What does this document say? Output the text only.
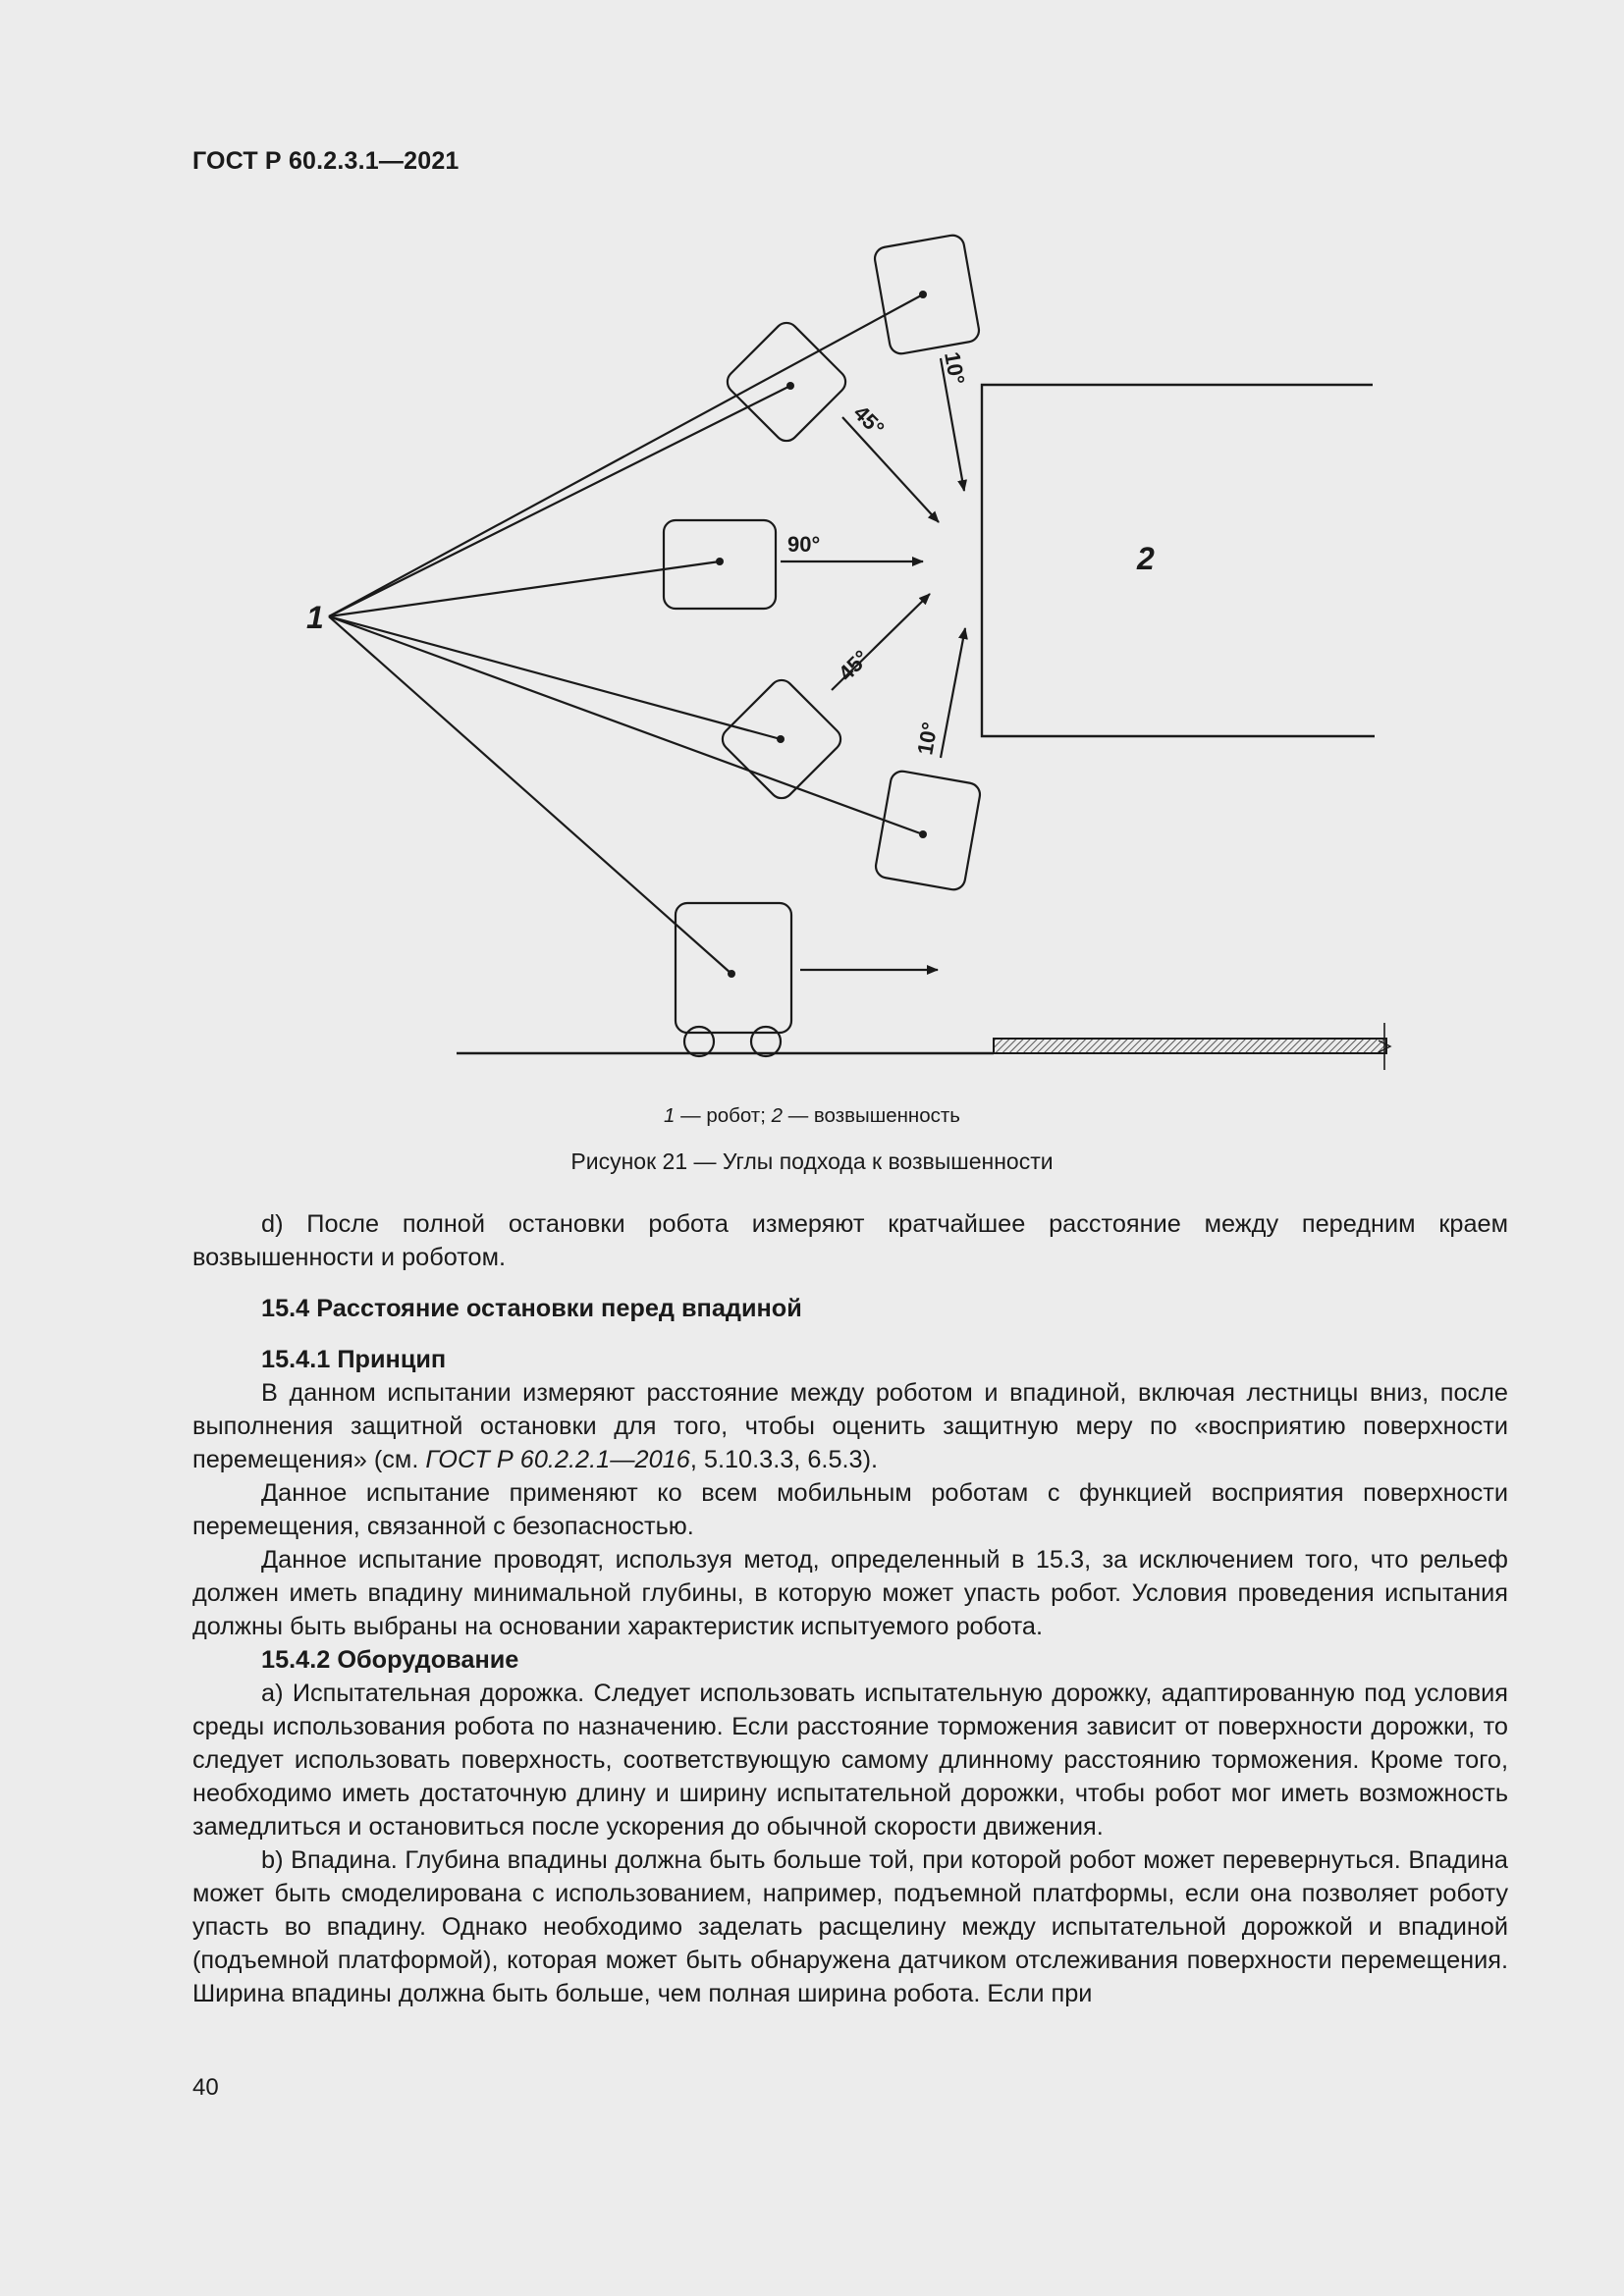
ГОСТ Р 60.2.3.1—2021
1
2
10°
45°
90°
45°
10°
1 — робот; 2 — возвышенность
Рисунок 21 — Углы подхода к возвышенности

d) После полной остановки робота измеряют кратчайшее расстояние между передним краем возвышенности и роботом.

15.4 Расстояние остановки перед впадиной

15.4.1 Принцип

В данном испытании измеряют расстояние между роботом и впадиной, включая лестницы вниз, после выполнения защитной остановки для того, чтобы оценить защитную меру по «восприятию поверхности перемещения» (см. ГОСТ Р 60.2.2.1—2016, 5.10.3.3, 6.5.3).

Данное испытание применяют ко всем мобильным роботам с функцией восприятия поверхности перемещения, связанной с безопасностью.

Данное испытание проводят, используя метод, определенный в 15.3, за исключением того, что рельеф должен иметь впадину минимальной глубины, в которую может упасть робот. Условия проведения испытания должны быть выбраны на основании характеристик испытуемого робота.

15.4.2 Оборудование

а) Испытательная дорожка. Следует использовать испытательную дорожку, адаптированную под условия среды использования робота по назначению. Если расстояние торможения зависит от поверхности дорожки, то следует использовать поверхность, соответствующую самому длинному расстоянию торможения. Кроме того, необходимо иметь достаточную длину и ширину испытательной дорожки, чтобы робот мог иметь возможность замедлиться и остановиться после ускорения до обычной скорости движения.

b) Впадина. Глубина впадины должна быть больше той, при которой робот может перевернуться. Впадина может быть смоделирована с использованием, например, подъемной платформы, если она позволяет роботу упасть во впадину. Однако необходимо заделать расщелину между испытательной дорожкой и впадиной (подъемной платформой), которая может быть обнаружена датчиком отслеживания поверхности перемещения. Ширина впадины должна быть больше, чем полная ширина робота. Если при

40
